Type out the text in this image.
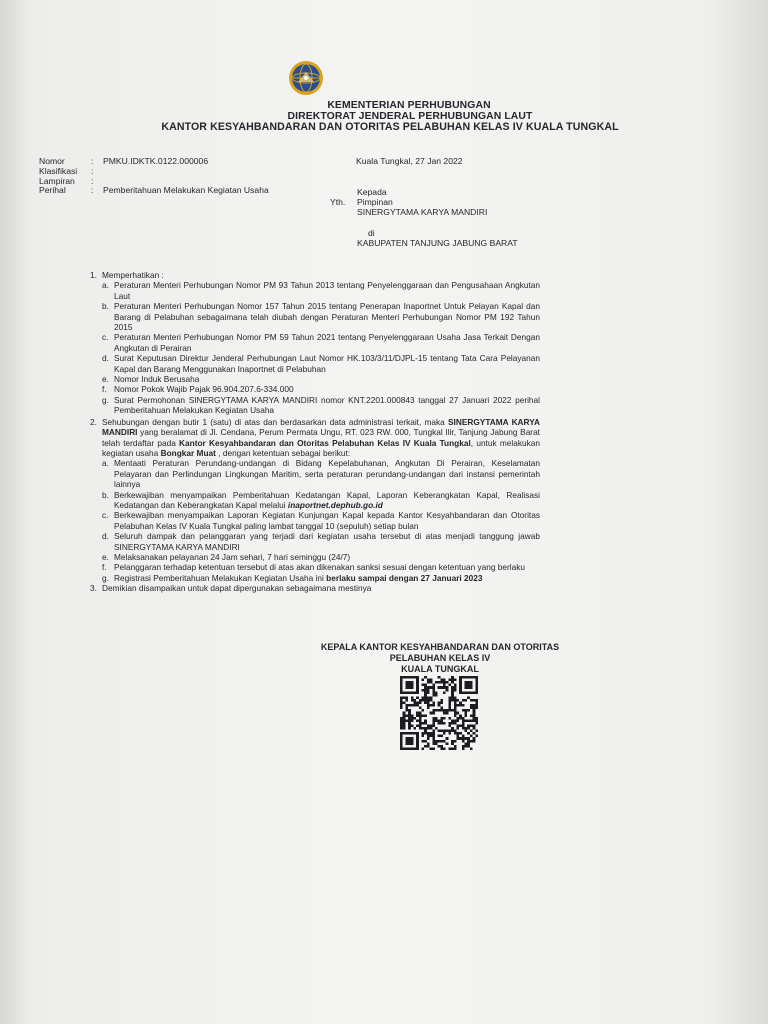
KEMENTERIAN PERHUBUNGAN
DIREKTORAT JENDERAL PERHUBUNGAN LAUT
KANTOR KESYAHBANDARAN DAN OTORITAS PELABUHAN KELAS IV KUALA TUNGKAL
Nomor	:	PMKU.IDKTK.0122.000006
Klasifikasi	:
Lampiran	:
Perihal	:	Pemberitahuan Melakukan Kegiatan Usaha
Kuala Tungkal, 27 Jan 2022
Kepada
Yth. Pimpinan
SINERGYTAMA KARYA MANDIRI
di
KABUPATEN TANJUNG JABUNG BARAT
1. Memperhatikan :
a. Peraturan Menteri Perhubungan Nomor PM 93 Tahun 2013 tentang Penyelenggaraan dan Pengusahaan Angkutan Laut
b. Peraturan Menteri Perhubungan Nomor 157 Tahun 2015 tentang Penerapan Inaportnet Untuk Pelayan Kapal dan Barang di Pelabuhan sebagaimana telah diubah dengan Peraturan Menteri Perhubungan Nomor PM 192 Tahun 2015
c. Peraturan Menteri Perhubungan Nomor PM 59 Tahun 2021 tentang Penyelenggaraan Usaha Jasa Terkait Dengan Angkutan di Perairan
d. Surat Keputusan Direktur Jenderal Perhubungan Laut Nomor HK.103/3/11/DJPL-15 tentang Tata Cara Pelayanan Kapal dan Barang Menggunakan Inaportnet di Pelabuhan
e. Nomor Induk Berusaha
f. Nomor Pokok Wajib Pajak 96.904.207.6-334.000
g. Surat Permohonan SINERGYTAMA KARYA MANDIRI nomor KNT.2201.000843 tanggal 27 Januari 2022 perihal Pemberitahuan Melakukan Kegiatan Usaha
2. Sehubungan dengan butir 1 (satu) di atas dan berdasarkan data administrasi terkait, maka SINERGYTAMA KARYA MANDIRI yang beralamat di Jl. Cendana, Perum Permata Ungu, RT. 023 RW. 000, Tungkal Ilir, Tanjung Jabung Barat telah terdaftar pada Kantor Kesyahbandaran dan Otoritas Pelabuhan Kelas IV Kuala Tungkal, untuk melakukan kegiatan usaha Bongkar Muat , dengan ketentuan sebagai berikut:
a. Mentaati Peraturan Perundang-undangan di Bidang Kepelabuhanan, Angkutan Di Perairan, Keselamatan Pelayaran dan Perlindungan Lingkungan Maritim, serta peraturan perundang-undangan dari instansi pemerintah lainnya
b. Berkewajiban menyampaikan Pemberitahuan Kedatangan Kapal, Laporan Keberangkatan Kapal, Realisasi Kedatangan dan Keberangkatan Kapal melalui inaportnet.dephub.go.id
c. Berkewajiban menyampaikan Laporan Kegiatan Kunjungan Kapal kepada Kantor Kesyahbandaran dan Otoritas Pelabuhan Kelas IV Kuala Tungkal paling lambat tanggal 10 (sepuluh) setiap bulan
d. Seluruh dampak dan pelanggaran yang terjadi dari kegiatan usaha tersebut di atas menjadi tanggung jawab SINERGYTAMA KARYA MANDIRI
e. Melaksanakan pelayanan 24 Jam sehari, 7 hari seminggu (24/7)
f. Pelanggaran terhadap ketentuan tersebut di atas akan dikenakan sanksi sesuai dengan ketentuan yang berlaku
g. Registrasi Pemberitahuan Melakukan Kegiatan Usaha ini berlaku sampai dengan 27 Januari 2023
3. Demikian disampaikan untuk dapat dipergunakan sebagaimana mestinya
KEPALA KANTOR KESYAHBANDARAN DAN OTORITAS
PELABUHAN KELAS IV
KUALA TUNGKAL
